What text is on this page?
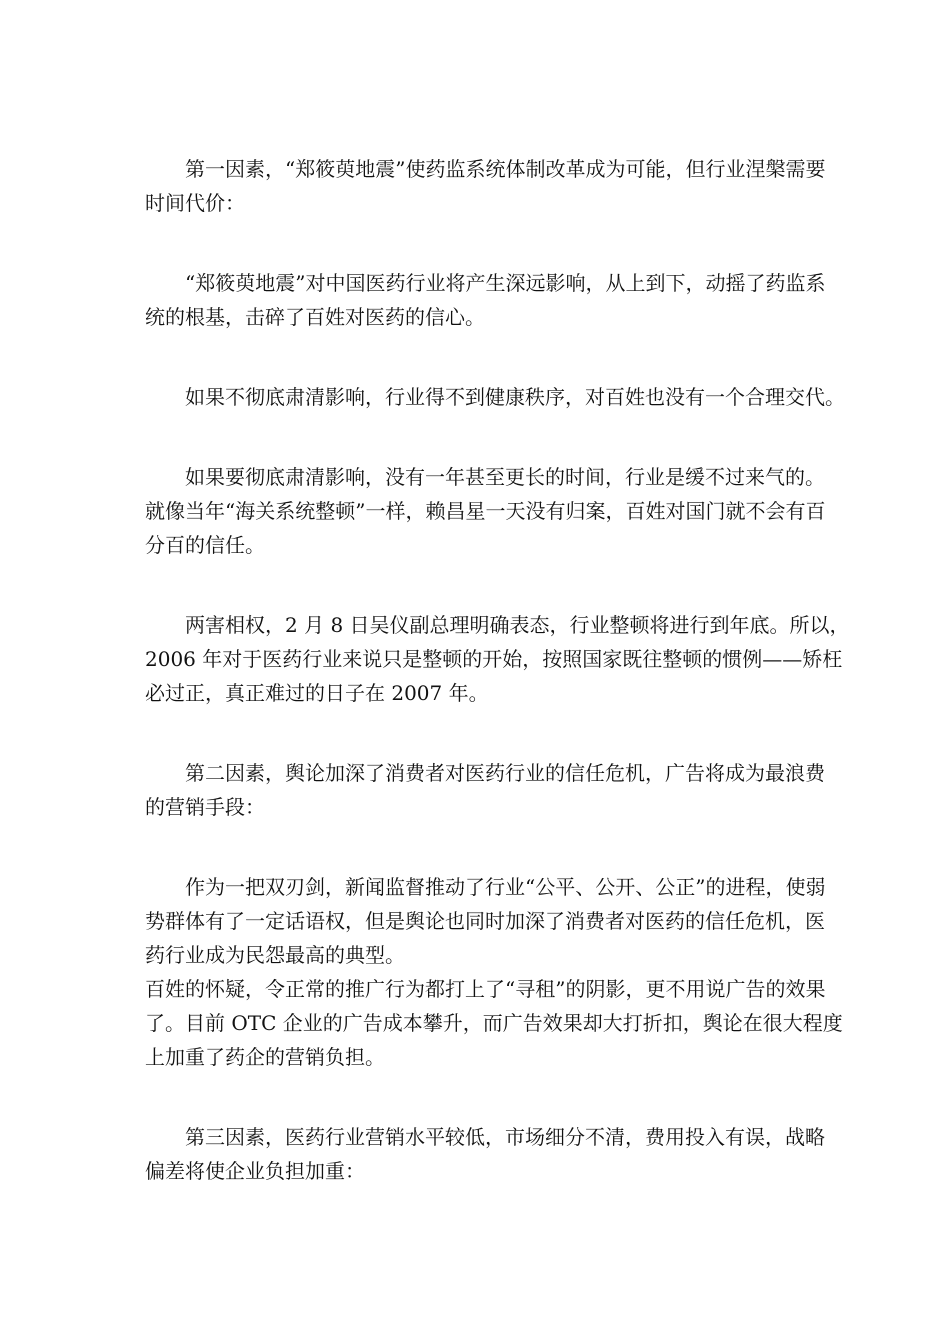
第一因素，“郑筱萸地震”使药监系统体制改革成为可能，但行业涅槃需要
时间代价：

“郑筱萸地震”对中国医药行业将产生深远影响，从上到下，动摇了药监系
统的根基，击碎了百姓对医药的信心。

如果不彻底肃清影响，行业得不到健康秩序，对百姓也没有一个合理交代。

如果要彻底肃清影响，没有一年甚至更长的时间，行业是缓不过来气的。
就像当年“海关系统整顿”一样，赖昌星一天没有归案，百姓对国门就不会有百
分百的信任。

两害相权，2 月 8 日吴仪副总理明确表态，行业整顿将进行到年底。所以，
2006 年对于医药行业来说只是整顿的开始，按照国家既往整顿的惯例——矫枉
必过正，真正难过的日子在 2007 年。

第二因素，舆论加深了消费者对医药行业的信任危机，广告将成为最浪费
的营销手段：

作为一把双刃剑，新闻监督推动了行业“公平、公开、公正”的进程，使弱
势群体有了一定话语权，但是舆论也同时加深了消费者对医药的信任危机，医
药行业成为民怨最高的典型。
百姓的怀疑，令正常的推广行为都打上了“寻租”的阴影，更不用说广告的效果
了。目前 OTC 企业的广告成本攀升，而广告效果却大打折扣，舆论在很大程度
上加重了药企的营销负担。

第三因素，医药行业营销水平较低，市场细分不清，费用投入有误，战略
偏差将使企业负担加重：
